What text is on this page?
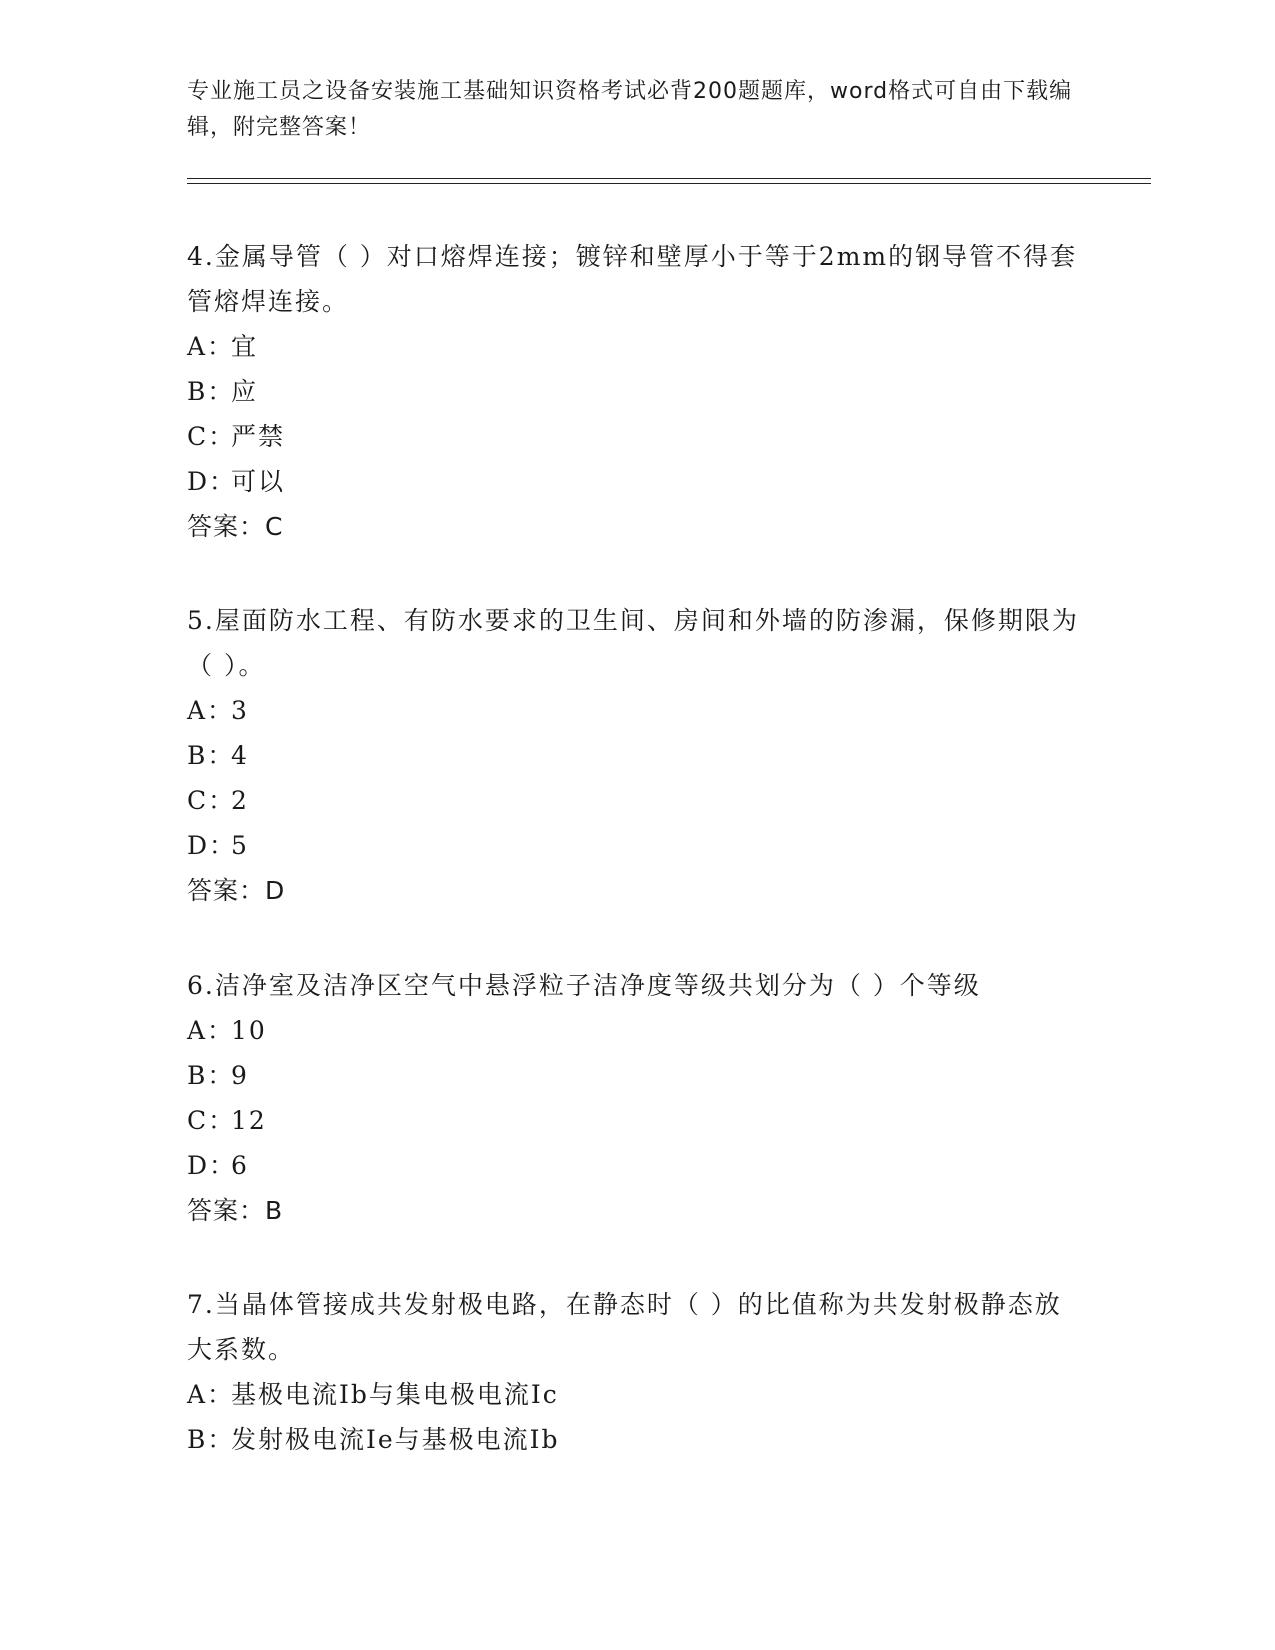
专业施工员之设备安装施工基础知识资格考试必背200题题库，word格式可自由下载编辑，附完整答案！

4.金属导管（ ）对口熔焊连接；镀锌和壁厚小于等于2mm的钢导管不得套管熔焊连接。

A：
宜
B：
应
C：
严禁
D：
可以
答案：C

5.屋面防水工程、有防水要求的卫生间、房间和外墙的防渗漏，保修期限为（ ）。

A：
3
B：
4
C：
2
D：
5
答案：D

6.洁净室及洁净区空气中悬浮粒子洁净度等级共划分为（ ）个等级

A：
10
B：
9
C：
12
D：
6
答案：B

7.当晶体管接成共发射极电路，在静态时（ ）的比值称为共发射极静态放大系数。

A：
基极电流Ib与集电极电流Ic
B：
发射极电流Ie与基极电流Ib
